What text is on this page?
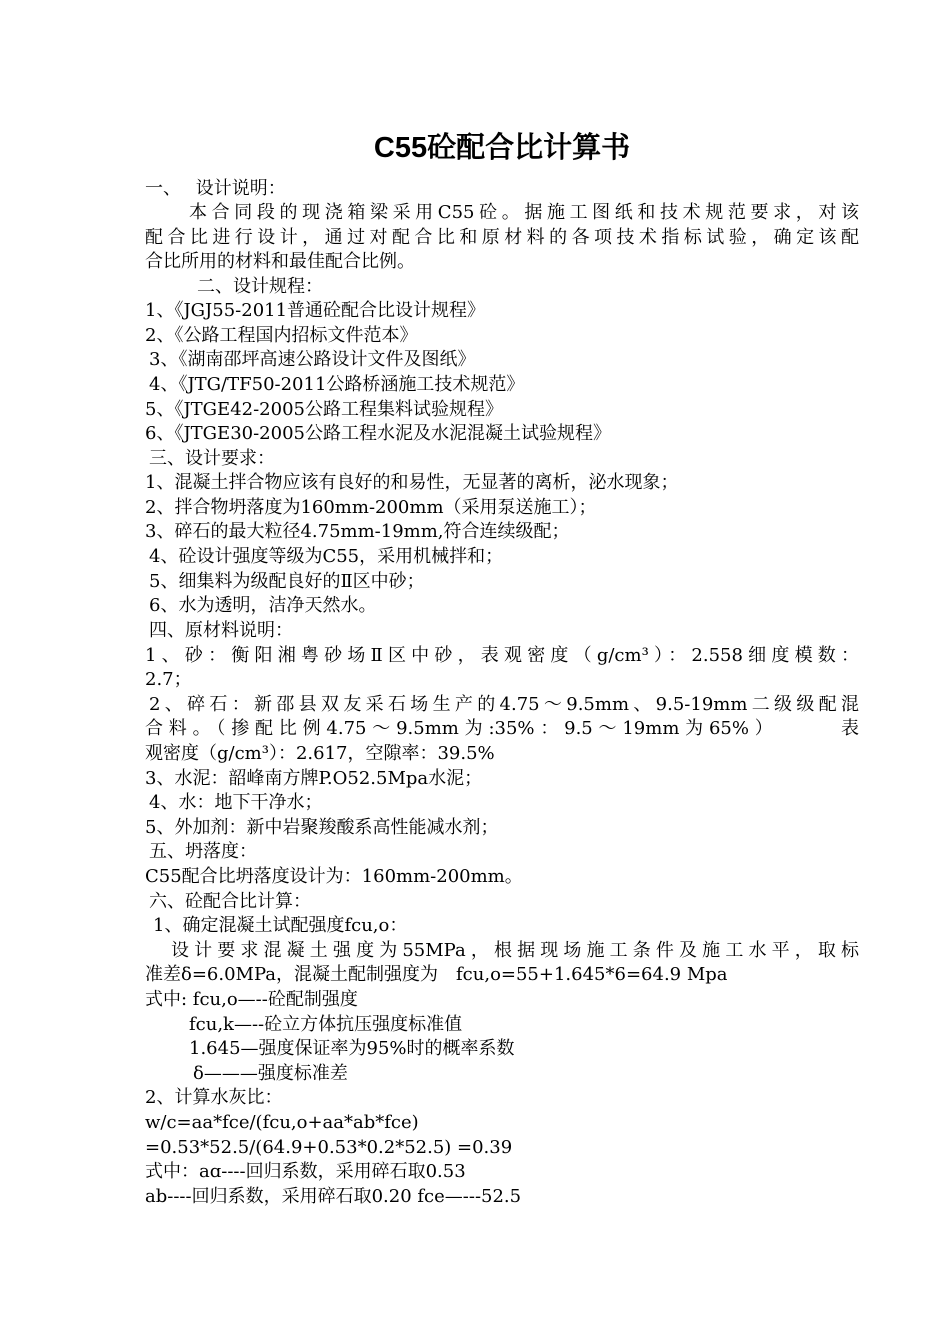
C55砼配合比计算书
一、　 设计说明：
本合同段的现浇箱梁采用C55砼。据施工图纸和技术规范要求，对该
配合比进行设计，通过对配合比和原材料的各项技术指标试验，确定该配
合比所用的材料和最佳配合比例。
二、设计规程：
1、《JGJ55-2011普通砼配合比设计规程》
2、《公路工程国内招标文件范本》
3、《湖南邵坪高速公路设计文件及图纸》
4、《JTG/TF50-2011公路桥涵施工技术规范》
5、《JTGE42-2005公路工程集料试验规程》
6、《JTGE30-2005公路工程水泥及水泥混凝土试验规程》
三、设计要求：
1、混凝土拌合物应该有良好的和易性，无显著的离析，泌水现象；
2、拌合物坍落度为160mm-200mm（采用泵送施工）；
3、碎石的最大粒径4.75mm-19mm,符合连续级配；
4、砼设计强度等级为C55，采用机械拌和；
5、细集料为级配良好的Ⅱ区中砂；
6、水为透明，洁净天然水。
四、原材料说明：
1、砂：衡阳湘粤砂场Ⅱ区中砂，表观密度（g/cm³）：2.558细度模数：
2.7；
2、碎石：新邵县双友采石场生产的4.75～9.5mm、9.5-19mm二级级配混
合料。（掺配比例4.75～9.5mm为:35%：9.5～19mm为65%）　　　表
观密度（g/cm³）：2.617，空隙率：39.5%
3、水泥：韶峰南方牌P.O52.5Mpa水泥；
4、水：地下干净水；
5、外加剂：新中岩聚羧酸系高性能减水剂；
五、坍落度：
C55配合比坍落度设计为：160mm-200mm。
六、砼配合比计算：
1、确定混凝土试配强度fcu,o：
设计要求混凝土强度为55MPa，根据现场施工条件及施工水平，取标
准差δ=6.0MPa，混凝土配制强度为　fcu,o=55+1.645*6=64.9 Mpa
式中: fcu,o—--砼配制强度
fcu,k—--砼立方体抗压强度标准值
1.645—强度保证率为95%时的概率系数
δ———强度标准差
2、计算水灰比：
w/c=aa*fce/(fcu,o+aa*ab*fce)
=0.53*52.5/(64.9+0.53*0.2*52.5) =0.39
式中：aɑ----回归系数，采用碎石取0.53
ab----回归系数，采用碎石取0.20 fce—---52.5
